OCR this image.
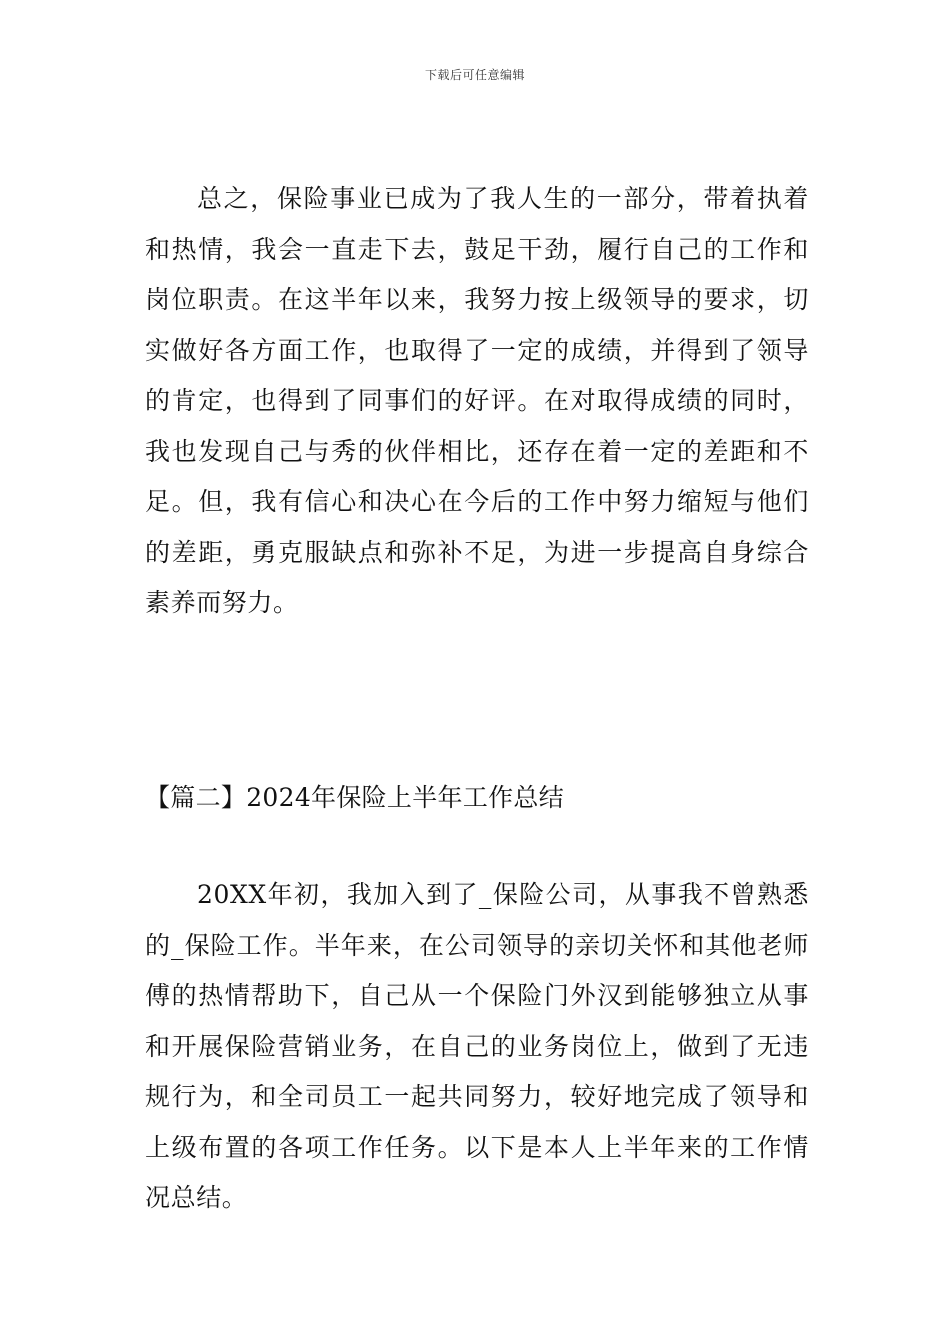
下载后可任意编辑
总之，保险事业已成为了我人生的一部分，带着执着和热情，我会一直走下去，鼓足干劲，履行自己的工作和岗位职责。在这半年以来，我努力按上级领导的要求，切实做好各方面工作，也取得了一定的成绩，并得到了领导的肯定，也得到了同事们的好评。在对取得成绩的同时，我也发现自己与秀的伙伴相比，还存在着一定的差距和不足。但，我有信心和决心在今后的工作中努力缩短与他们的差距，勇克服缺点和弥补不足，为进一步提高自身综合素养而努力。
【篇二】2024年保险上半年工作总结
20XX年初，我加入到了_保险公司，从事我不曾熟悉的_保险工作。半年来，在公司领导的亲切关怀和其他老师傅的热情帮助下，自己从一个保险门外汉到能够独立从事和开展保险营销业务，在自己的业务岗位上，做到了无违规行为，和全司员工一起共同努力，较好地完成了领导和上级布置的各项工作任务。以下是本人上半年来的工作情况总结。
